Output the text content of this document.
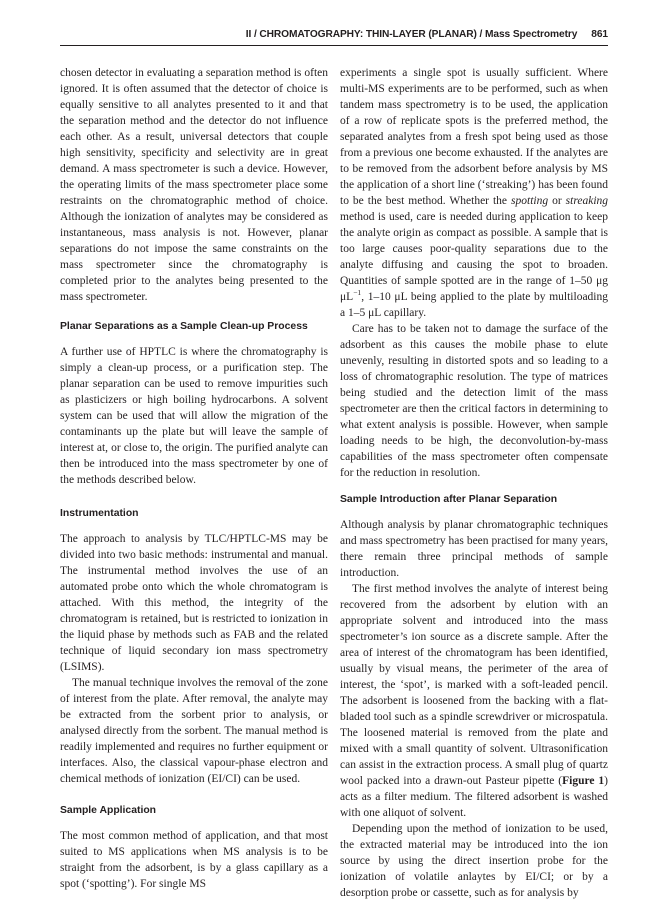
II / CHROMATOGRAPHY: THIN-LAYER (PLANAR) / Mass Spectrometry 861

chosen detector in evaluating a separation method is often ignored. It is often assumed that the detector of choice is equally sensitive to all analytes presented to it and that the separation method and the detector do not influence each other. As a result, universal detectors that couple high sensitivity, specificity and selectivity are in great demand. A mass spectrometer is such a device. However, the operating limits of the mass spectrometer place some restraints on the chromatographic method of choice. Although the ionization of analytes may be considered as instantaneous, mass analysis is not. However, planar separations do not impose the same constraints on the mass spectrometer since the chromatography is completed prior to the analytes being presented to the mass spectrometer.

Planar Separations as a Sample Clean-up Process

A further use of HPTLC is where the chromatography is simply a clean-up process, or a purification step. The planar separation can be used to remove impurities such as plasticizers or high boiling hydrocarbons. A solvent system can be used that will allow the migration of the contaminants up the plate but will leave the sample of interest at, or close to, the origin. The purified analyte can then be introduced into the mass spectrometer by one of the methods described below.

Instrumentation

The approach to analysis by TLC/HPTLC-MS may be divided into two basic methods: instrumental and manual. The instrumental method involves the use of an automated probe onto which the whole chromatogram is attached. With this method, the integrity of the chromatogram is retained, but is restricted to ionization in the liquid phase by methods such as FAB and the related technique of liquid secondary ion mass spectrometry (LSIMS).

The manual technique involves the removal of the zone of interest from the plate. After removal, the analyte may be extracted from the sorbent prior to analysis, or analysed directly from the sorbent. The manual method is readily implemented and requires no further equipment or interfaces. Also, the classical vapour-phase electron and chemical methods of ionization (EI/CI) can be used.

Sample Application

The most common method of application, and that most suited to MS applications when MS analysis is to be straight from the adsorbent, is by a glass capillary as a spot (‘spotting’). For single MS

experiments a single spot is usually sufficient. Where multi-MS experiments are to be performed, such as when tandem mass spectrometry is to be used, the application of a row of replicate spots is the preferred method, the separated analytes from a fresh spot being used as those from a previous one become exhausted. If the analytes are to be removed from the adsorbent before analysis by MS the application of a short line (‘streaking’) has been found to be the best method. Whether the spotting or streaking method is used, care is needed during application to keep the analyte origin as compact as possible. A sample that is too large causes poor-quality separations due to the analyte diffusing and causing the spot to broaden. Quantities of sample spotted are in the range of 1–50 μg $\mu L^{-1}$, 1–10 μL being applied to the plate by multiloading a 1–5 μL capillary.

Care has to be taken not to damage the surface of the adsorbent as this causes the mobile phase to elute unevenly, resulting in distorted spots and so leading to a loss of chromatographic resolution. The type of matrices being studied and the detection limit of the mass spectrometer are then the critical factors in determining to what extent analysis is possible. However, when sample loading needs to be high, the deconvolution-by-mass capabilities of the mass spectrometer often compensate for the reduction in resolution.

Sample Introduction after Planar Separation

Although analysis by planar chromatographic techniques and mass spectrometry has been practised for many years, there remain three principal methods of sample introduction.

The first method involves the analyte of interest being recovered from the adsorbent by elution with an appropriate solvent and introduced into the mass spectrometer’s ion source as a discrete sample. After the area of interest of the chromatogram has been identified, usually by visual means, the perimeter of the area of interest, the ‘spot’, is marked with a soft-leaded pencil. The adsorbent is loosened from the backing with a flat-bladed tool such as a spindle screwdriver or microspatula. The loosened material is removed from the plate and mixed with a small quantity of solvent. Ultrasonification can assist in the extraction process. A small plug of quartz wool packed into a drawn-out Pasteur pipette (Figure 1) acts as a filter medium. The filtered adsorbent is washed with one aliquot of solvent.

Depending upon the method of ionization to be used, the extracted material may be introduced into the ion source by using the direct insertion probe for the ionization of volatile anlaytes by EI/CI; or by a desorption probe or cassette, such as for analysis by
